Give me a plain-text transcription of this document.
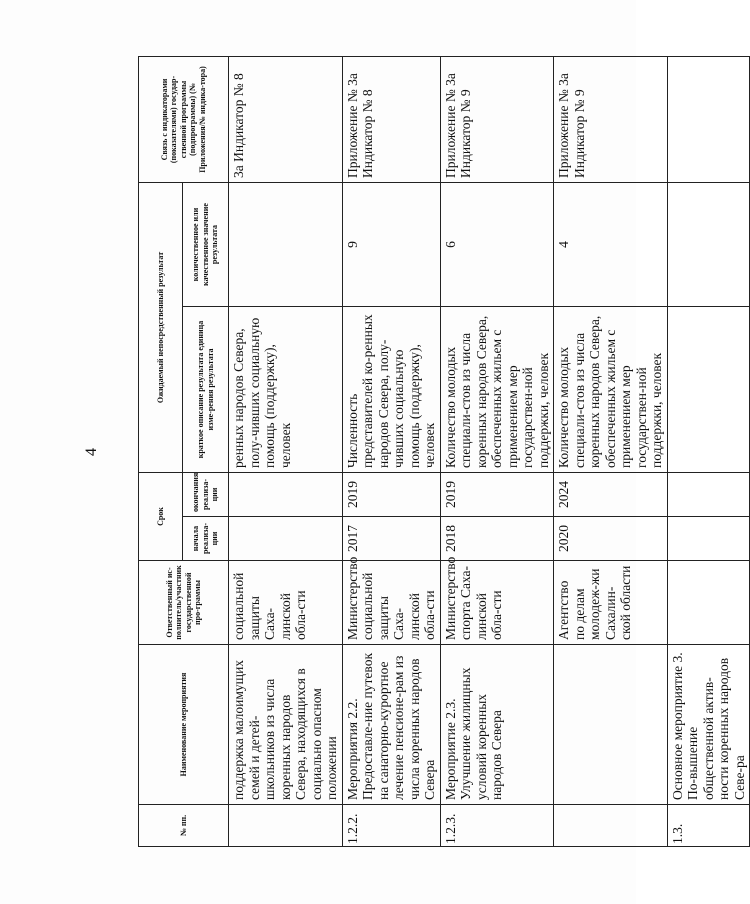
4
№ пп.	Наименование мероприятия	Ответственный ис-полнитель/участник государственной про-граммы	Срок		Ожидаемый непосредственный результат		Связь с индикаторами (показателями) государ-ственной программы (подпрограммы) (№ Приложения/№ индика-тора)
			начала реализа-ции	окончания реализа-ции	краткое описание результата единица изме-рения результата	количественное или качественное значение результата	
	поддержка малоимущих семей и детей-школьников из числа коренных народов Севера, находящихся в социально опасном положении	социальной защиты Саха-линской обла-сти			ренных народов Севера, полу-чивших социальную помощь (поддержку), человек		3а Индикатор № 8
1.2.2.	Мероприятия 2.2. Предоставле-ние путевок на санаторно-курортное лечение пенсионе-рам из числа коренных народов Севера	Министерство социальной защиты Саха-линской обла-сти	2017	2019	Численность представителей ко-ренных народов Севера, полу-чивших социальную помощь (поддержку), человек	9	Приложение № 3а Индикатор № 8
1.2.3.	Мероприятие 2.3. Улучшение жилищных условий коренных народов Севера	Министерство спорта Саха-линской обла-сти	2018	2019	Количество молодых специали-стов из числа коренных народов Севера, обеспеченных жильем с применением мер государствен-ной поддержки, человек	6	Приложение № 3а Индикатор № 9
		Агентство по делам молодеж-жи Сахалин-ской области	2020	2024	Количество молодых специали-стов из числа коренных народов Севера, обеспеченных жильем с применением мер государствен-ной поддержки, человек	4	Приложение № 3а Индикатор № 9
1.3.	Основное мероприятие 3. По-вышение общественной актив-ности коренных народов Севе-ра						
